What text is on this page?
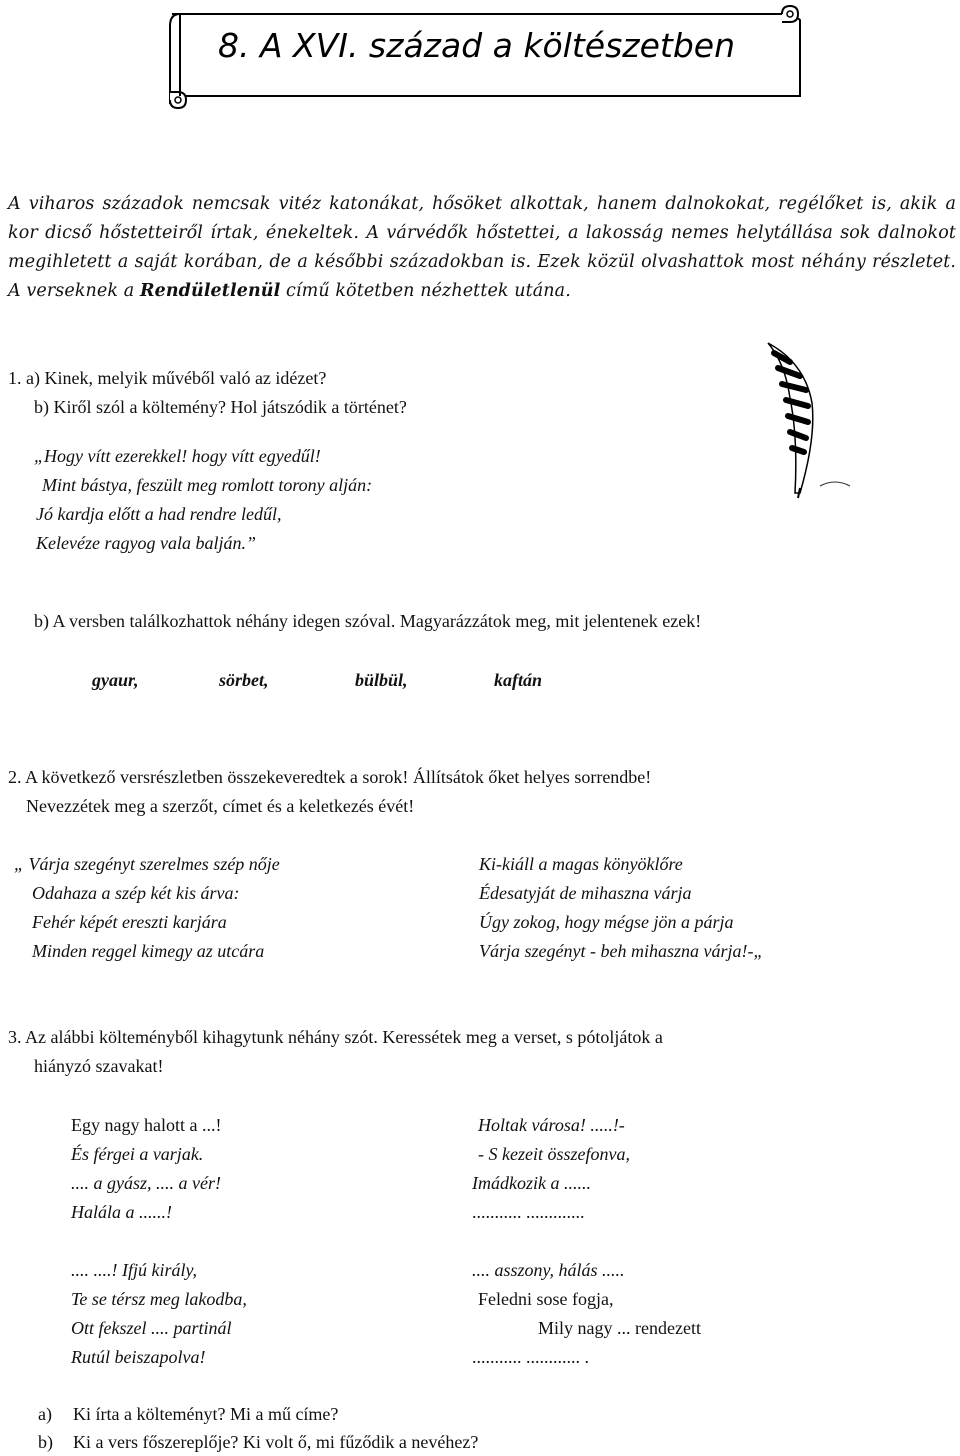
8. A XVI. század a költészetben
A viharos századok nemcsak vitéz katonákat, hősöket alkottak, hanem dalnokokat, regélőket is, akik a kor dicső hőstetteiről írtak, énekeltek. A várvédők hőstettei, a lakosság nemes helytállása sok dalnokot megihletett a saját korában, de a későbbi századokban is. Ezek közül olvashattok most néhány részletet. A verseknek a Rendületlenül című kötetben nézhettek utána.
1. a) Kinek, melyik művéből való az idézet?
b) Kiről szól a költemény? Hol játszódik a történet?
„Hogy vítt ezerekkel! hogy vítt egyedűl!
Mint bástya, feszült meg romlott torony alján:
Jó kardja előtt a had rendre ledűl,
Kelevéze ragyog vala balján.”
b) A versben találkozhattok néhány idegen szóval. Magyarázzátok meg, mit jelentenek ezek!
gyaur,	sörbet,	bülbül,	kaftán
2. A következő versrészletben összekeveredtek a sorok! Állítsátok őket helyes sorrendbe!
Nevezzétek meg a szerzőt, címet és a keletkezés évét!
„ Várja szegényt szerelmes szép nője
Odahaza a szép két kis árva:
Fehér képét ereszti karjára
Minden reggel kimegy az utcára
Ki-kiáll a magas könyöklőre
Édesatyját de mihaszna várja
Úgy zokog, hogy mégse jön a párja
Várja szegényt - beh mihaszna várja!-„
3. Az alábbi költeményből kihagytunk néhány szót. Keressétek meg a verset, s pótoljátok a
hiányzó szavakat!
Egy nagy halott a ...!
És férgei a varjak.
.... a gyász, .... a vér!
Halála a ......!
Holtak városa! .....!-
- S kezeit összefonva,
Imádkozik a ......
........... .............
.... ....! Ifjú király,
Te se térsz meg lakodba,
Ott fekszel .... partinál
Rutúl beiszapolva!
.... asszony, hálás .....
Feledni sose fogja,
Mily nagy ... rendezett
........... ............ .
a) Ki írta a költeményt? Mi a mű címe?
b) Ki a vers főszereplője? Ki volt ő, mi fűződik a nevéhez?
